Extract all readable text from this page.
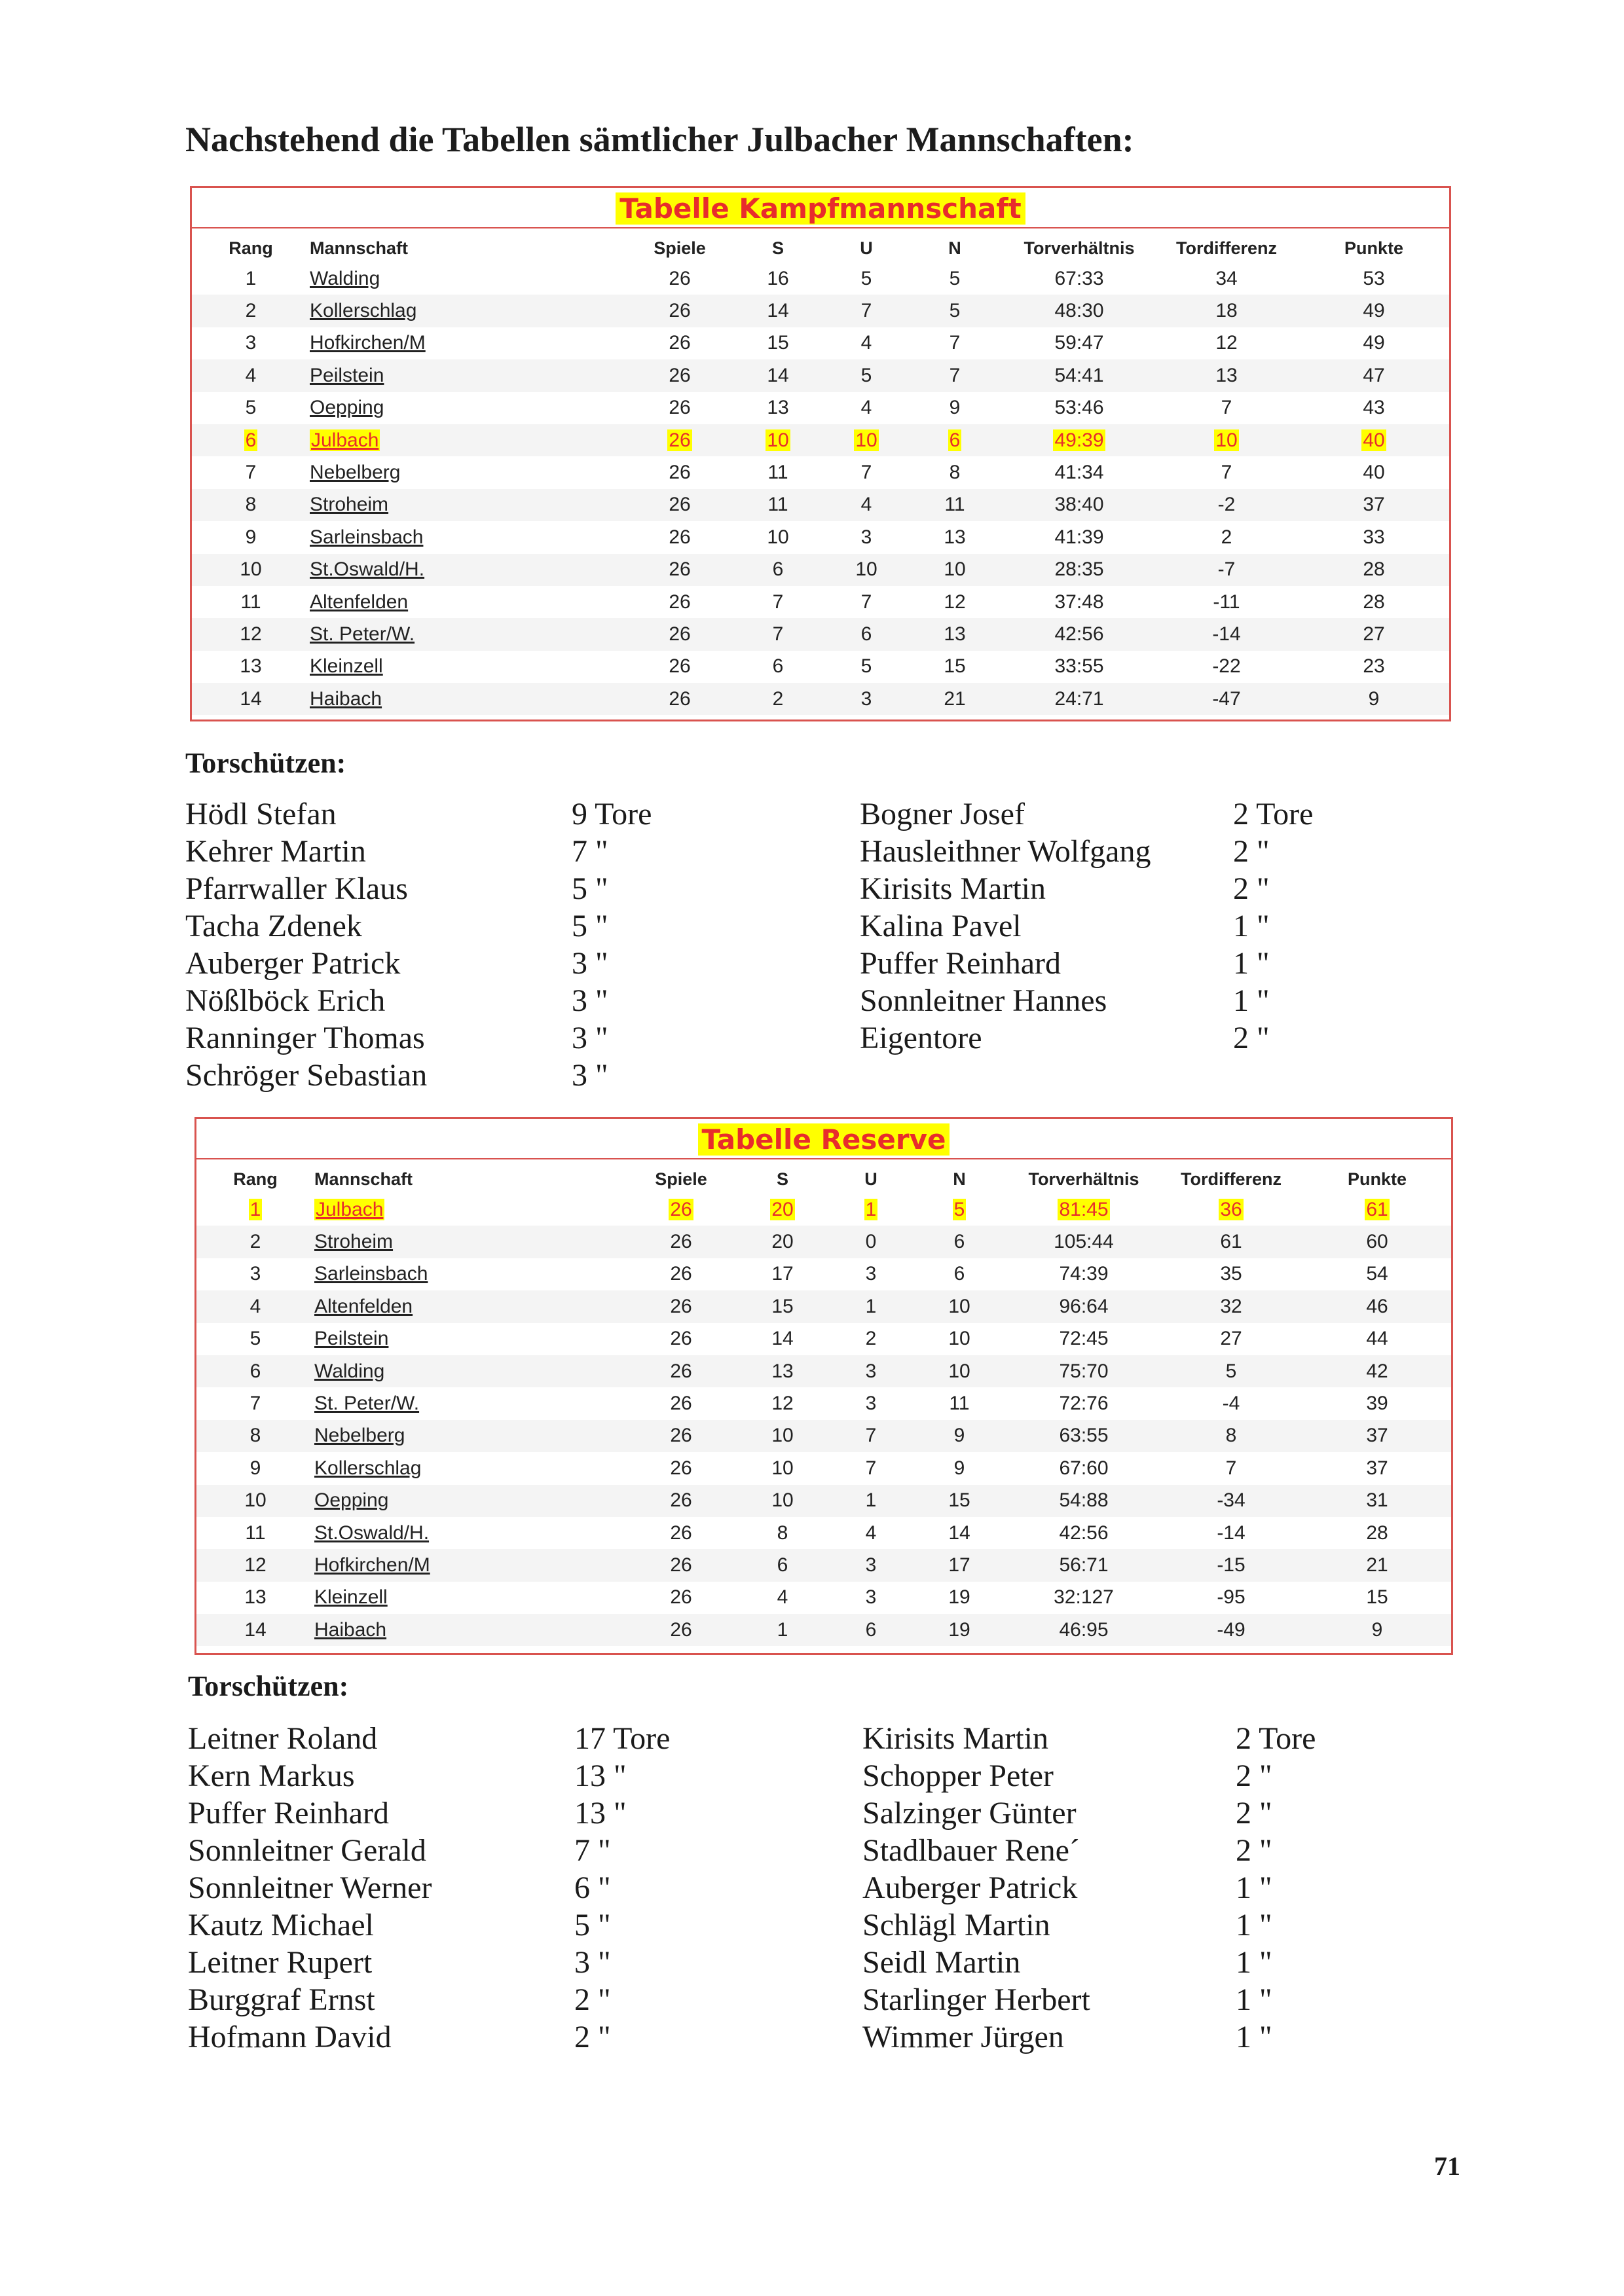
Nachstehend die Tabellen sämtlicher Julbacher Mannschaften:
Tabelle Kampfmannschaft
Rang	Mannschaft	Spiele	S	U	N	Torverhältnis	Tordifferenz	Punkte
1	Walding	26	16	5	5	67:33	34	53
2	Kollerschlag	26	14	7	5	48:30	18	49
3	Hofkirchen/M	26	15	4	7	59:47	12	49
4	Peilstein	26	14	5	7	54:41	13	47
5	Oepping	26	13	4	9	53:46	7	43
6	Julbach	26	10	10	6	49:39	10	40
7	Nebelberg	26	11	7	8	41:34	7	40
8	Stroheim	26	11	4	11	38:40	-2	37
9	Sarleinsbach	26	10	3	13	41:39	2	33
10	St.Oswald/H.	26	6	10	10	28:35	-7	28
11	Altenfelden	26	7	7	12	37:48	-11	28
12	St. Peter/W.	26	7	6	13	42:56	-14	27
13	Kleinzell	26	6	5	15	33:55	-22	23
14	Haibach	26	2	3	21	24:71	-47	9
Torschützen:
Hödl Stefan	9 Tore
Kehrer Martin	7 "
Pfarrwaller Klaus	5 "
Tacha Zdenek	5 "
Auberger Patrick	3 "
Nößlböck Erich	3 "
Ranninger Thomas	3 "
Schröger Sebastian	3 "
Bogner Josef	2 Tore
Hausleithner Wolfgang	2 "
Kirisits Martin	2 "
Kalina Pavel	1 "
Puffer Reinhard	1 "
Sonnleitner Hannes	1 "
Eigentore	2 "
Tabelle Reserve
Rang	Mannschaft	Spiele	S	U	N	Torverhältnis	Tordifferenz	Punkte
1	Julbach	26	20	1	5	81:45	36	61
2	Stroheim	26	20	0	6	105:44	61	60
3	Sarleinsbach	26	17	3	6	74:39	35	54
4	Altenfelden	26	15	1	10	96:64	32	46
5	Peilstein	26	14	2	10	72:45	27	44
6	Walding	26	13	3	10	75:70	5	42
7	St. Peter/W.	26	12	3	11	72:76	-4	39
8	Nebelberg	26	10	7	9	63:55	8	37
9	Kollerschlag	26	10	7	9	67:60	7	37
10	Oepping	26	10	1	15	54:88	-34	31
11	St.Oswald/H.	26	8	4	14	42:56	-14	28
12	Hofkirchen/M	26	6	3	17	56:71	-15	21
13	Kleinzell	26	4	3	19	32:127	-95	15
14	Haibach	26	1	6	19	46:95	-49	9
Torschützen:
Leitner Roland	17 Tore
Kern Markus	13 "
Puffer Reinhard	13 "
Sonnleitner Gerald	7 "
Sonnleitner Werner	6 "
Kautz Michael	5 "
Leitner Rupert	3 "
Burggraf Ernst	2 "
Hofmann David	2 "
Kirisits Martin	2 Tore
Schopper Peter	2 "
Salzinger Günter	2 "
Stadlbauer Rene´	2 "
Auberger Patrick	1 "
Schlägl Martin	1 "
Seidl Martin	1 "
Starlinger Herbert	1 "
Wimmer Jürgen	1 "
71
